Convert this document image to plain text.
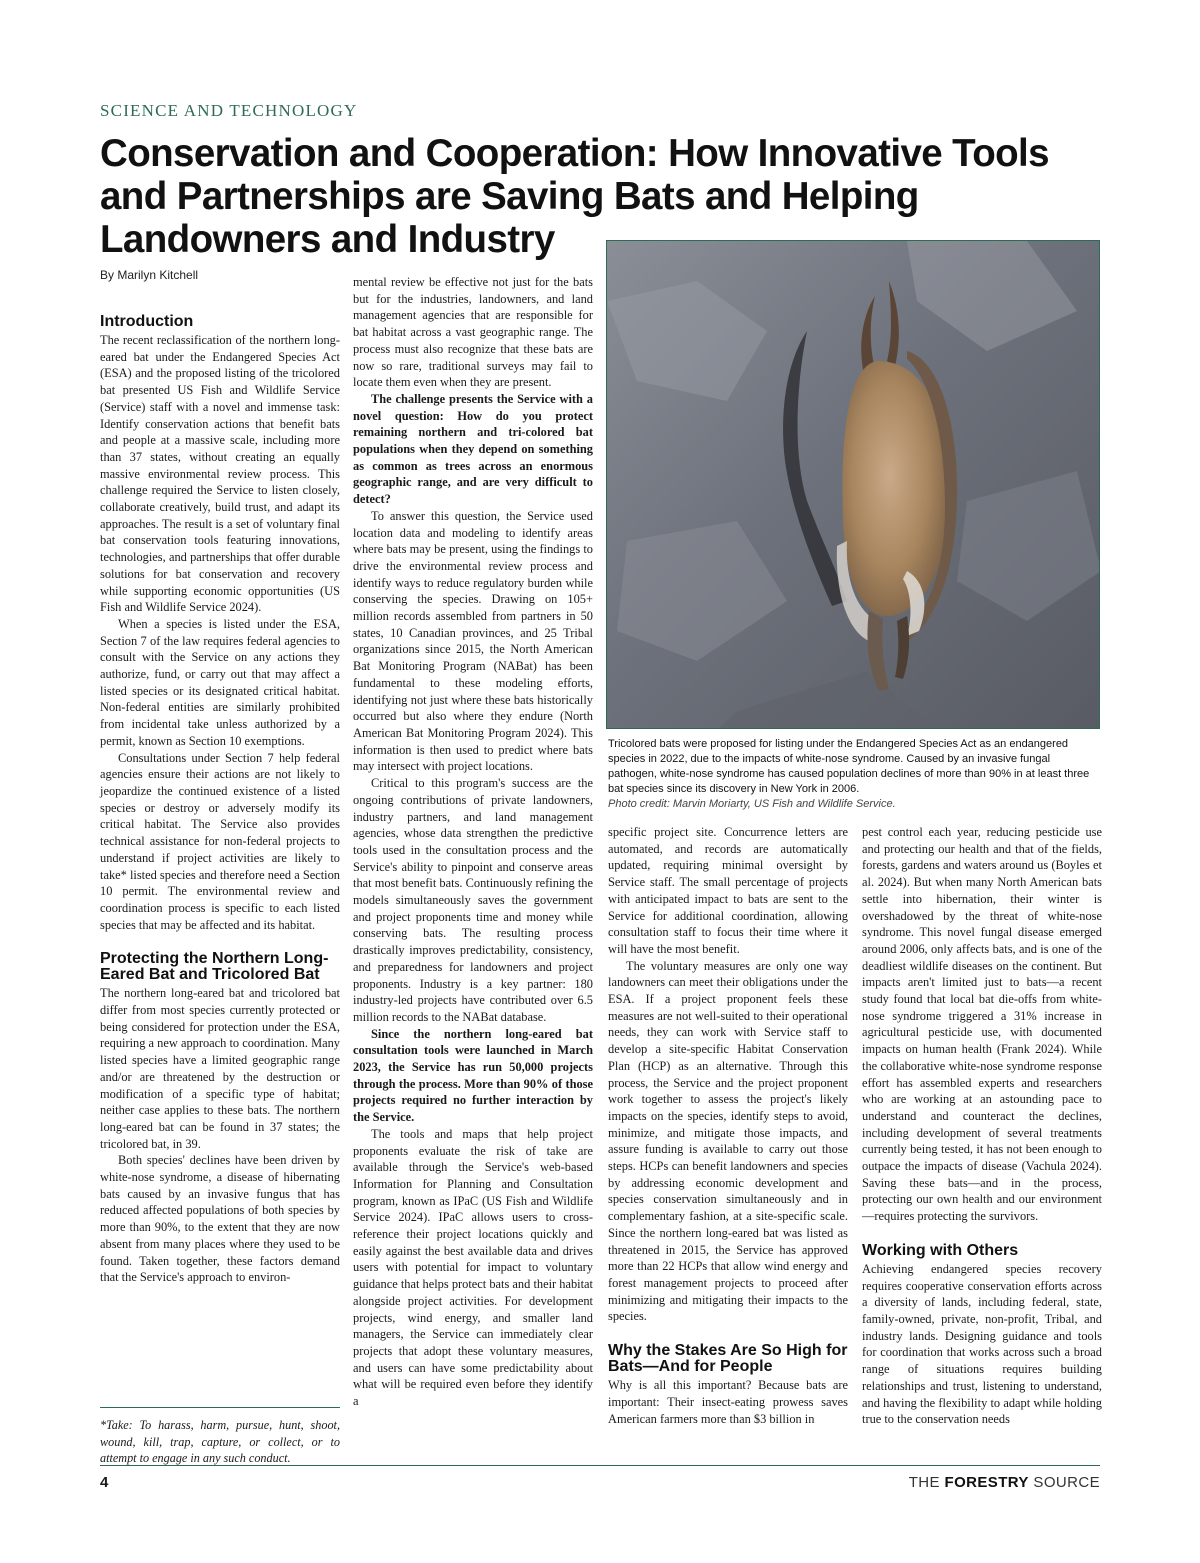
SCIENCE AND TECHNOLOGY
Conservation and Cooperation: How Innovative Tools and Partnerships are Saving Bats and Helping Landowners and Industry
By Marilyn Kitchell
Introduction

The recent reclassification of the northern long-eared bat under the Endangered Species Act (ESA) and the proposed listing of the tricolored bat presented US Fish and Wildlife Service (Service) staff with a novel and immense task: Identify conservation actions that benefit bats and people at a massive scale, including more than 37 states, without creating an equally massive environmental review process. This challenge required the Service to listen closely, collaborate creatively, build trust, and adapt its approaches. The result is a set of voluntary final bat conservation tools featuring innovations, technologies, and partnerships that offer durable solutions for bat conservation and recovery while supporting economic opportunities (US Fish and Wildlife Service 2024).

When a species is listed under the ESA, Section 7 of the law requires federal agencies to consult with the Service on any actions they authorize, fund, or carry out that may affect a listed species or its designated critical habitat. Non-federal entities are similarly prohibited from incidental take unless authorized by a permit, known as Section 10 exemptions.

Consultations under Section 7 help federal agencies ensure their actions are not likely to jeopardize the continued existence of a listed species or destroy or adversely modify its critical habitat. The Service also provides technical assistance for non-federal projects to understand if project activities are likely to take* listed species and therefore need a Section 10 permit. The environmental review and coordination process is specific to each listed species that may be affected and its habitat.

Protecting the Northern Long-Eared Bat and Tricolored Bat

The northern long-eared bat and tricolored bat differ from most species currently protected or being considered for protection under the ESA, requiring a new approach to coordination. Many listed species have a limited geographic range and/or are threatened by the destruction or modification of a specific type of habitat; neither case applies to these bats. The northern long-eared bat can be found in 37 states; the tricolored bat, in 39.

Both species' declines have been driven by white-nose syndrome, a disease of hibernating bats caused by an invasive fungus that has reduced affected populations of both species by more than 90%, to the extent that they are now absent from many places where they used to be found. Taken together, these factors demand that the Service's approach to environ-

*Take: To harass, harm, pursue, hunt, shoot, wound, kill, trap, capture, or collect, or to attempt to engage in any such conduct.

mental review be effective not just for the bats but for the industries, landowners, and land management agencies that are responsible for bat habitat across a vast geographic range. The process must also recognize that these bats are now so rare, traditional surveys may fail to locate them even when they are present.

The challenge presents the Service with a novel question: How do you protect remaining northern and tri-colored bat populations when they depend on something as common as trees across an enormous geographic range, and are very difficult to detect?

To answer this question, the Service used location data and modeling to identify areas where bats may be present, using the findings to drive the environmental review process and identify ways to reduce regulatory burden while conserving the species. Drawing on 105+ million records assembled from partners in 50 states, 10 Canadian provinces, and 25 Tribal organizations since 2015, the North American Bat Monitoring Program (NABat) has been fundamental to these modeling efforts, identifying not just where these bats historically occurred but also where they endure (North American Bat Monitoring Program 2024). This information is then used to predict where bats may intersect with project locations.

Critical to this program's success are the ongoing contributions of private landowners, industry partners, and land management agencies, whose data strengthen the predictive tools used in the consultation process and the Service's ability to pinpoint and conserve areas that most benefit bats. Continuously refining the models simultaneously saves the government and project proponents time and money while conserving bats. The resulting process drastically improves predictability, consistency, and preparedness for landowners and project proponents. Industry is a key partner: 180 industry-led projects have contributed over 6.5 million records to the NABat database.

Since the northern long-eared bat consultation tools were launched in March 2023, the Service has run 50,000 projects through the process. More than 90% of those projects required no further interaction by the Service.

The tools and maps that help project proponents evaluate the risk of take are available through the Service's web-based Information for Planning and Consultation program, known as IPaC (US Fish and Wildlife Service 2024). IPaC allows users to cross-reference their project locations quickly and easily against the best available data and drives users with potential for impact to voluntary guidance that helps protect bats and their habitat alongside project activities. For development projects, wind energy, and smaller land managers, the Service can immediately clear projects that adopt these voluntary measures, and users can have some predictability about what will be required even before they identify a

Tricolored bats were proposed for listing under the Endangered Species Act as an endangered species in 2022, due to the impacts of white-nose syndrome. Caused by an invasive fungal pathogen, white-nose syndrome has caused population declines of more than 90% in at least three bat species since its discovery in New York in 2006.
Photo credit: Marvin Moriarty, US Fish and Wildlife Service.

specific project site. Concurrence letters are automated, and records are automatically updated, requiring minimal oversight by Service staff. The small percentage of projects with anticipated impact to bats are sent to the Service for additional coordination, allowing consultation staff to focus their time where it will have the most benefit.

The voluntary measures are only one way landowners can meet their obligations under the ESA. If a project proponent feels these measures are not well-suited to their operational needs, they can work with Service staff to develop a site-specific Habitat Conservation Plan (HCP) as an alternative. Through this process, the Service and the project proponent work together to assess the project's likely impacts on the species, identify steps to avoid, minimize, and mitigate those impacts, and assure funding is available to carry out those steps. HCPs can benefit landowners and species by addressing economic development and species conservation simultaneously and in complementary fashion, at a site-specific scale. Since the northern long-eared bat was listed as threatened in 2015, the Service has approved more than 22 HCPs that allow wind energy and forest management projects to proceed after minimizing and mitigating their impacts to the species.

Why the Stakes Are So High for Bats—And for People

Why is all this important? Because bats are important: Their insect-eating prowess saves American farmers more than $3 billion in

pest control each year, reducing pesticide use and protecting our health and that of the fields, forests, gardens and waters around us (Boyles et al. 2024). But when many North American bats settle into hibernation, their winter is overshadowed by the threat of white-nose syndrome. This novel fungal disease emerged around 2006, only affects bats, and is one of the deadliest wildlife diseases on the continent. But impacts aren't limited just to bats—a recent study found that local bat die-offs from white-nose syndrome triggered a 31% increase in agricultural pesticide use, with documented impacts on human health (Frank 2024). While the collaborative white-nose syndrome response effort has assembled experts and researchers who are working at an astounding pace to understand and counteract the declines, including development of several treatments currently being tested, it has not been enough to outpace the impacts of disease (Vachula 2024). Saving these bats—and in the process, protecting our own health and our environment—requires protecting the survivors.

Working with Others

Achieving endangered species recovery requires cooperative conservation efforts across a diversity of lands, including federal, state, family-owned, private, non-profit, Tribal, and industry lands. Designing guidance and tools for coordination that works across such a broad range of situations requires building relationships and trust, listening to understand, and having the flexibility to adapt while holding true to the conservation needs

4	THE FORESTRY SOURCE
